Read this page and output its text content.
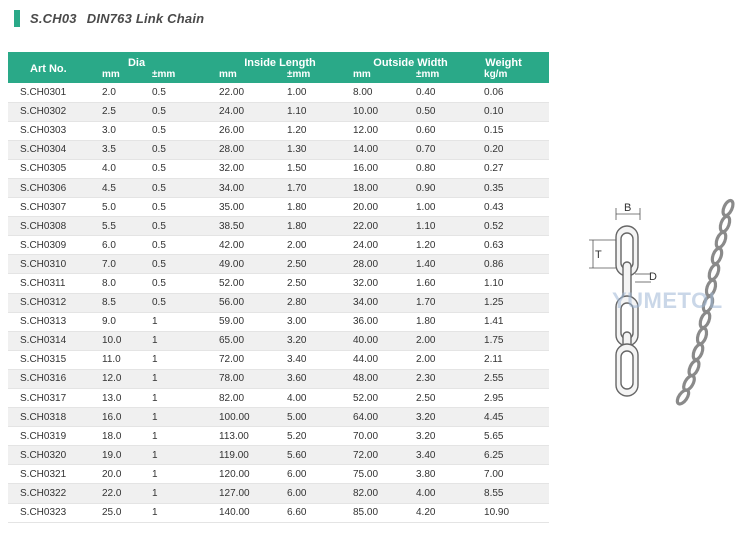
S.CH03 DIN763 Link Chain
Art No.	Dia		Inside Length		Outside Width		Weight
	mm	±mm	mm	±mm	mm	±mm	kg/m
S.CH0301	2.0	0.5	22.00	1.00	8.00	0.40	0.06
S.CH0302	2.5	0.5	24.00	1.10	10.00	0.50	0.10
S.CH0303	3.0	0.5	26.00	1.20	12.00	0.60	0.15
S.CH0304	3.5	0.5	28.00	1.30	14.00	0.70	0.20
S.CH0305	4.0	0.5	32.00	1.50	16.00	0.80	0.27
S.CH0306	4.5	0.5	34.00	1.70	18.00	0.90	0.35
S.CH0307	5.0	0.5	35.00	1.80	20.00	1.00	0.43
S.CH0308	5.5	0.5	38.50	1.80	22.00	1.10	0.52
S.CH0309	6.0	0.5	42.00	2.00	24.00	1.20	0.63
S.CH0310	7.0	0.5	49.00	2.50	28.00	1.40	0.86
S.CH0311	8.0	0.5	52.00	2.50	32.00	1.60	1.10
S.CH0312	8.5	0.5	56.00	2.80	34.00	1.70	1.25
S.CH0313	9.0	1	59.00	3.00	36.00	1.80	1.41
S.CH0314	10.0	1	65.00	3.20	40.00	2.00	1.75
S.CH0315	11.0	1	72.00	3.40	44.00	2.00	2.11
S.CH0316	12.0	1	78.00	3.60	48.00	2.30	2.55
S.CH0317	13.0	1	82.00	4.00	52.00	2.50	2.95
S.CH0318	16.0	1	100.00	5.00	64.00	3.20	4.45
S.CH0319	18.0	1	113.00	5.20	70.00	3.20	5.65
S.CH0320	19.0	1	119.00	5.60	72.00	3.40	6.25
S.CH0321	20.0	1	120.00	6.00	75.00	3.80	7.00
S.CH0322	22.0	1	127.00	6.00	82.00	4.00	8.55
S.CH0323	25.0	1	140.00	6.60	85.00	4.20	10.90
B
T
D
YUMETOL
